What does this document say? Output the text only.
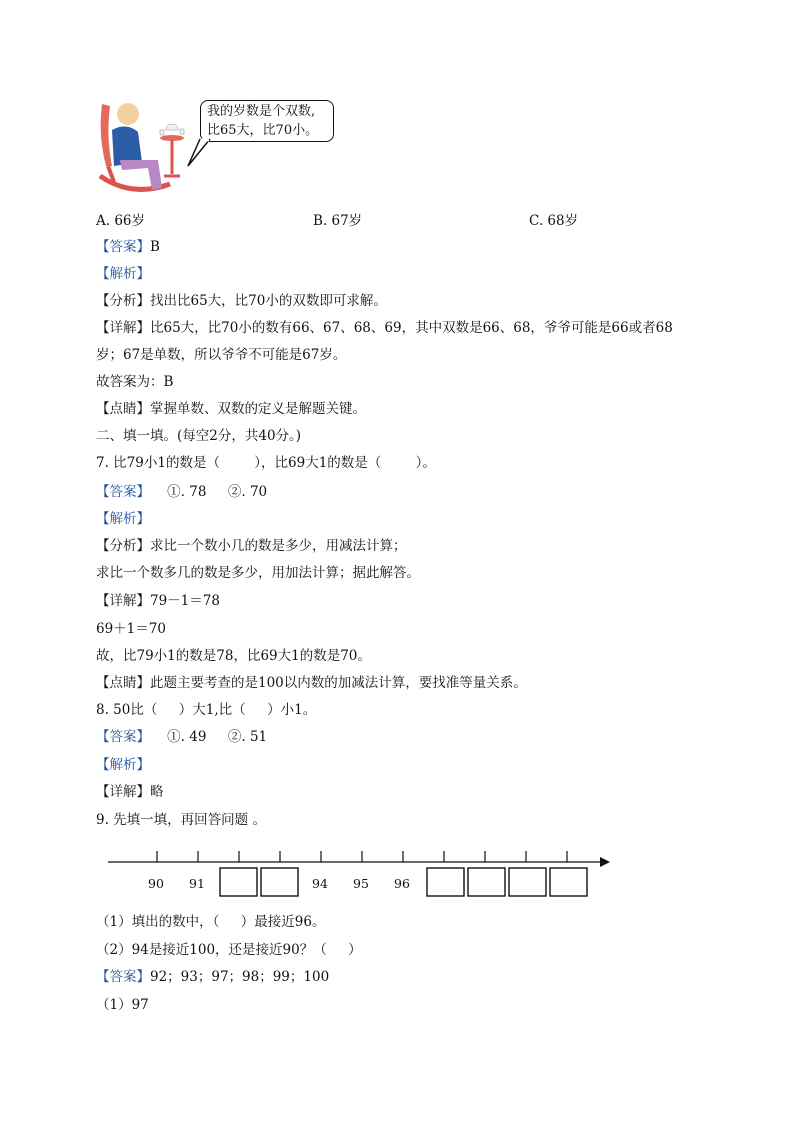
我的岁数是个双数,
比65大，比70小。
A. 66岁	B. 67岁	C. 68岁
【答案】B
【解析】
【分析】找出比65大，比70小的双数即可求解。
【详解】比65大，比70小的数有66、67、68、69，其中双数是66、68，爷爷可能是66或者68
岁；67是单数，所以爷爷不可能是67岁。
故答案为：B
【点睛】掌握单数、双数的定义是解题关键。
二、填一填。(每空2分，共40分。)
7. 比79小1的数是（        ），比69大1的数是（        ）。
【答案】    ①. 78     ②. 70
【解析】
【分析】求比一个数小几的数是多少，用减法计算；
求比一个数多几的数是多少，用加法计算；据此解答。
【详解】79－1＝78
69＋1＝70
故，比79小1的数是78，比69大1的数是70。
【点睛】此题主要考查的是100以内数的加减法计算，要找准等量关系。
8. 50比（     ）大1,比（     ）小1。
【答案】    ①. 49     ②. 51
【解析】
【详解】略
9. 先填一填，再回答问题 。
90 91	94 95 96
（1）填出的数中，（     ）最接近96。
（2）94是接近100，还是接近90？（     ）
【答案】92；93；97；98；99；100
（1）97
